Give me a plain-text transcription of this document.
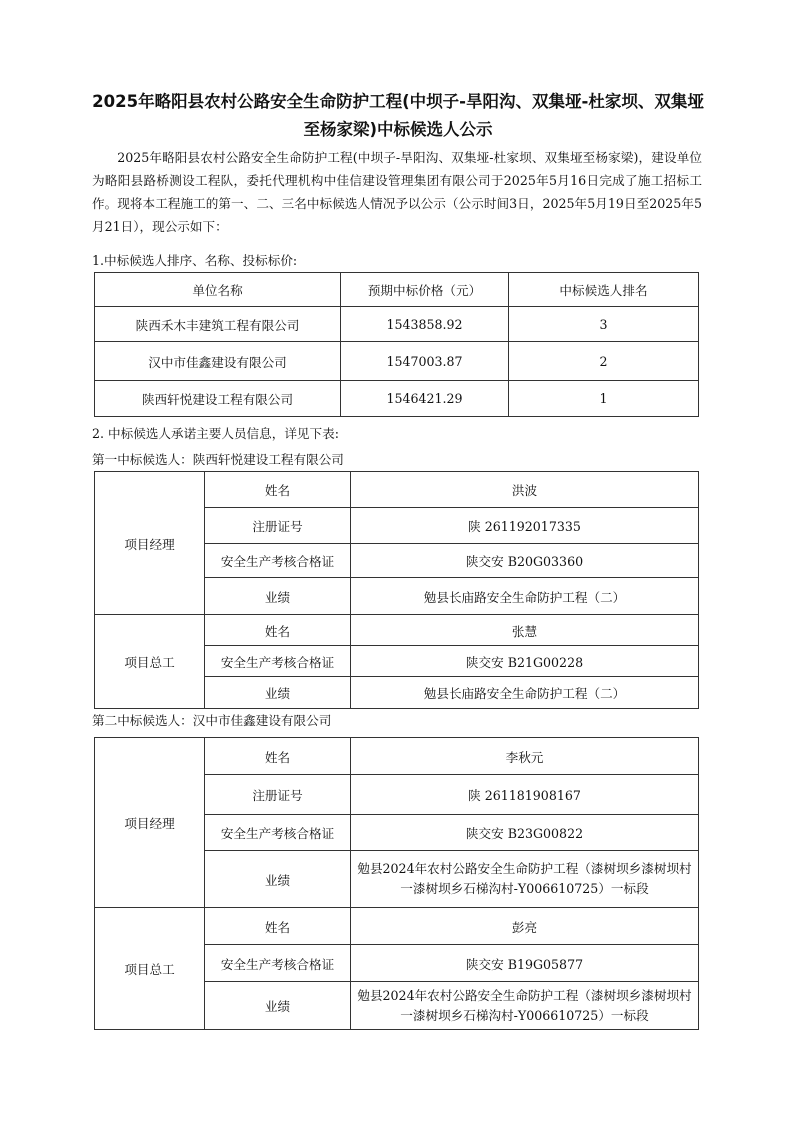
2025年略阳县农村公路安全生命防护工程(中坝子-旱阳沟、双集垭-杜家坝、双集垭至杨家梁)中标候选人公示

2025年略阳县农村公路安全生命防护工程(中坝子-旱阳沟、双集垭-杜家坝、双集垭至杨家梁)，建设单位为略阳县路桥测设工程队，委托代理机构中佳信建设管理集团有限公司于2025年5月16日完成了施工招标工作。现将本工程施工的第一、二、三名中标候选人情况予以公示（公示时间3日，2025年5月19日至2025年5月21日），现公示如下：

1.中标候选人排序、名称、投标标价:

单位名称	预期中标价格（元）	中标候选人排名
陕西禾木丰建筑工程有限公司	1543858.92	3
汉中市佳鑫建设有限公司	1547003.87	2
陕西轩悦建设工程有限公司	1546421.29	1

2. 中标候选人承诺主要人员信息，详见下表:

第一中标候选人：陕西轩悦建设工程有限公司

项目经理	姓名	洪波
	注册证号	陕 261192017335
	安全生产考核合格证	陕交安 B20G03360
	业绩	勉县长庙路安全生命防护工程（二）
项目总工	姓名	张慧
	安全生产考核合格证	陕交安 B21G00228
	业绩	勉县长庙路安全生命防护工程（二）

第二中标候选人：汉中市佳鑫建设有限公司

项目经理	姓名	李秋元
	注册证号	陕 261181908167
	安全生产考核合格证	陕交安 B23G00822
	业绩	勉县2024年农村公路安全生命防护工程（漆树坝乡漆树坝村一漆树坝乡石梯沟村-Y006610725）一标段
项目总工	姓名	彭亮
	安全生产考核合格证	陕交安 B19G05877
	业绩	勉县2024年农村公路安全生命防护工程（漆树坝乡漆树坝村一漆树坝乡石梯沟村-Y006610725）一标段
